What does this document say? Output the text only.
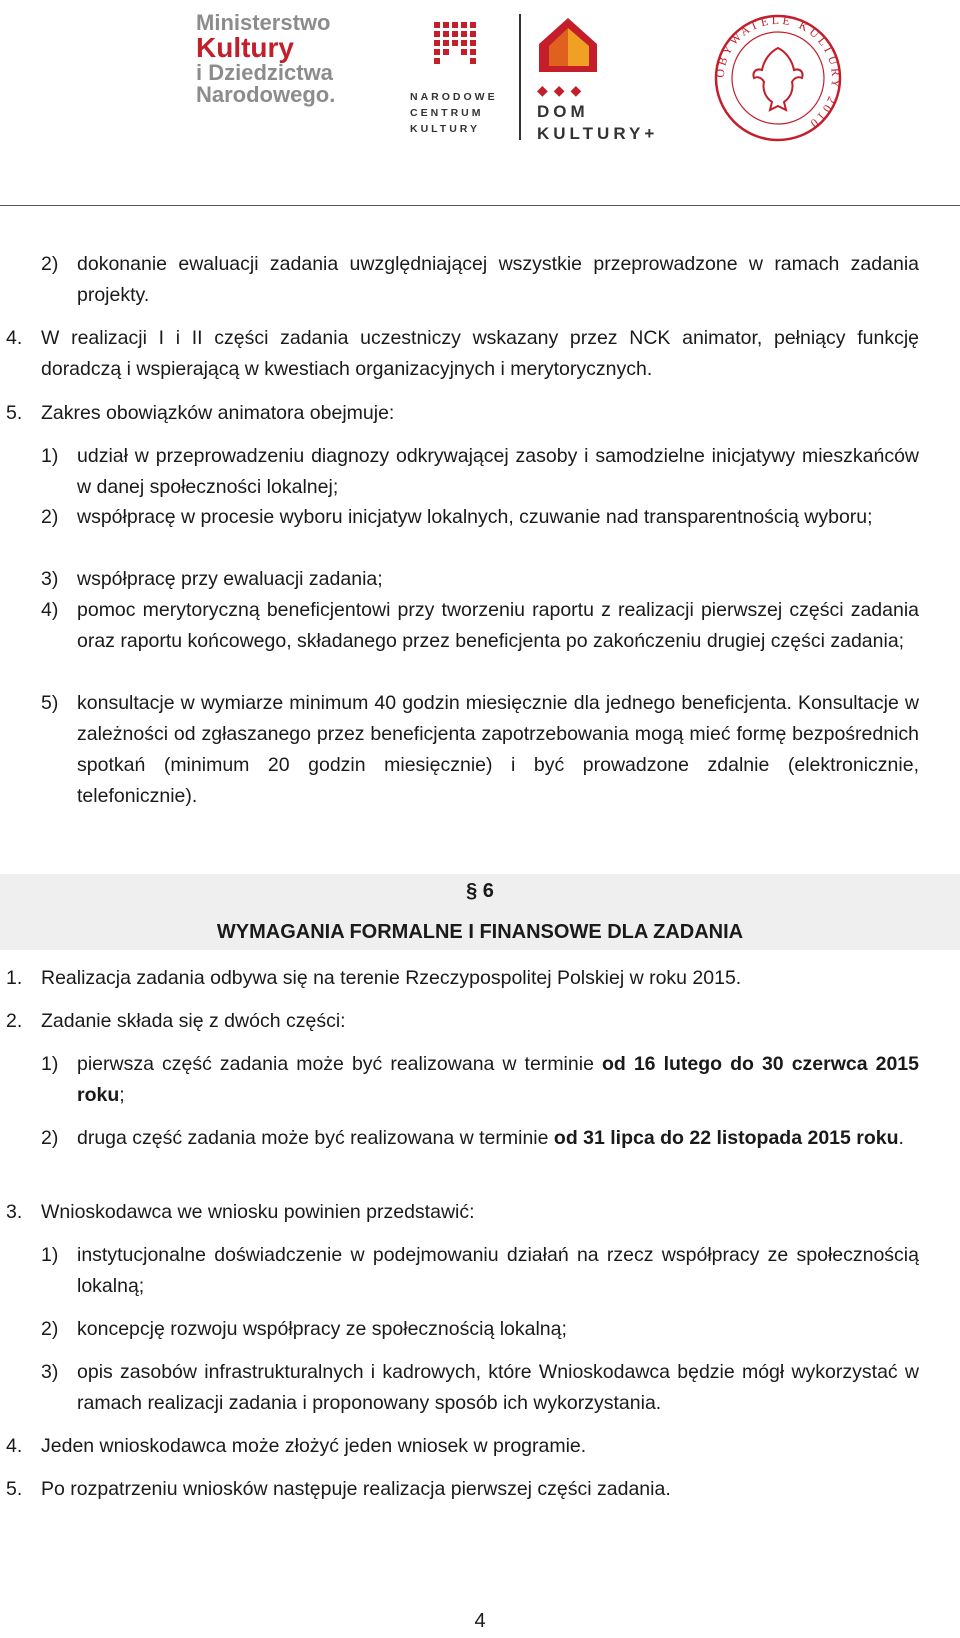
Ministerstwo
Kultury
i Dziedzictwa
Narodowego.	NARODOWE
CENTRUM
KULTURY
◆◆◆
DOM
KULTURY+
OBYWATELE KULTURY 2010
2) dokonanie ewaluacji zadania uwzględniającej wszystkie przeprowadzone w ramach zadania projekty.
4. W realizacji I i II części zadania uczestniczy wskazany przez NCK animator, pełniący funkcję doradczą i wspierającą w kwestiach organizacyjnych i merytorycznych.
5. Zakres obowiązków animatora obejmuje:
1) udział w przeprowadzeniu diagnozy odkrywającej zasoby i samodzielne inicjatywy mieszkańców w danej społeczności lokalnej;
2) współpracę w procesie wyboru inicjatyw lokalnych, czuwanie nad transparentnością wyboru;
3) współpracę przy ewaluacji zadania;
4) pomoc merytoryczną beneficjentowi przy tworzeniu raportu z realizacji pierwszej części zadania oraz raportu końcowego, składanego przez beneficjenta po zakończeniu drugiej części zadania;
5) konsultacje w wymiarze minimum 40 godzin miesięcznie dla jednego beneficjenta. Konsultacje w zależności od zgłaszanego przez beneficjenta zapotrzebowania mogą mieć formę bezpośrednich spotkań (minimum 20 godzin miesięcznie) i być prowadzone zdalnie (elektronicznie, telefonicznie).
§ 6
WYMAGANIA FORMALNE I FINANSOWE DLA ZADANIA
1. Realizacja zadania odbywa się na terenie Rzeczypospolitej Polskiej w roku 2015.
2. Zadanie składa się z dwóch części:
1) pierwsza część zadania może być realizowana w terminie od 16 lutego do 30 czerwca 2015 roku;
2) druga część zadania może być realizowana w terminie od 31 lipca do 22 listopada 2015 roku.
3. Wnioskodawca we wniosku powinien przedstawić:
1) instytucjonalne doświadczenie w podejmowaniu działań na rzecz współpracy ze społecznością lokalną;
2) koncepcję rozwoju współpracy ze społecznością lokalną;
3) opis zasobów infrastrukturalnych i kadrowych, które Wnioskodawca będzie mógł wykorzystać w ramach realizacji zadania i proponowany sposób ich wykorzystania.
4. Jeden wnioskodawca może złożyć jeden wniosek w programie.
5. Po rozpatrzeniu wniosków następuje realizacja pierwszej części zadania.
4
